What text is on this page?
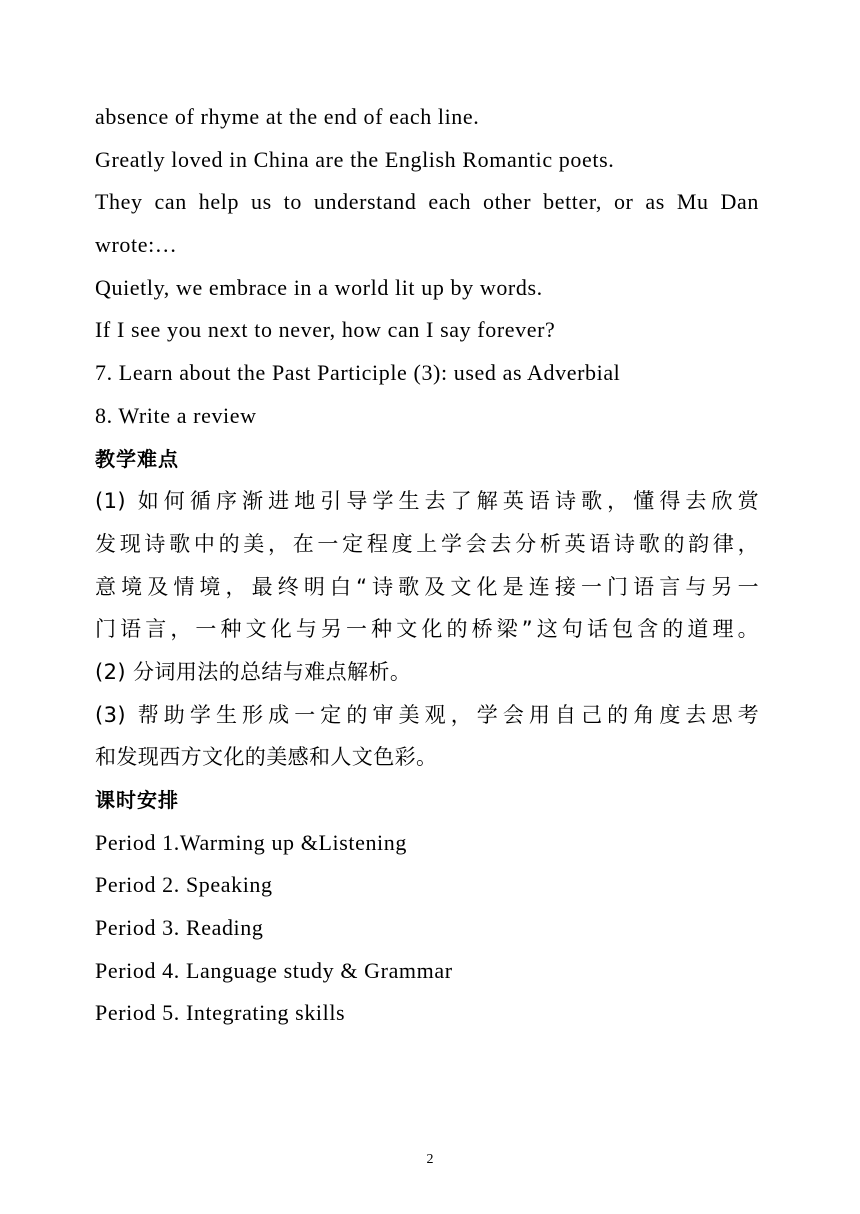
absence of rhyme at the end of each line.
Greatly loved in China are the English Romantic poets.
They can help us to understand each other better, or as Mu Dan
wrote:…
Quietly, we embrace in a world lit up by words.
If I see you next to never, how can I say forever?
7. Learn about the Past Participle (3): used as Adverbial
8. Write a review
教学难点
(1) 如何循序渐进地引导学生去了解英语诗歌，懂得去欣赏
发现诗歌中的美，在一定程度上学会去分析英语诗歌的韵律，
意境及情境，最终明白“诗歌及文化是连接一门语言与另一
门语言，一种文化与另一种文化的桥梁”这句话包含的道理。
(2) 分词用法的总结与难点解析。
(3) 帮助学生形成一定的审美观，学会用自己的角度去思考
和发现西方文化的美感和人文色彩。
课时安排
Period 1.Warming up &Listening
Period 2. Speaking
Period 3. Reading
Period 4. Language study & Grammar
Period 5. Integrating skills
2
